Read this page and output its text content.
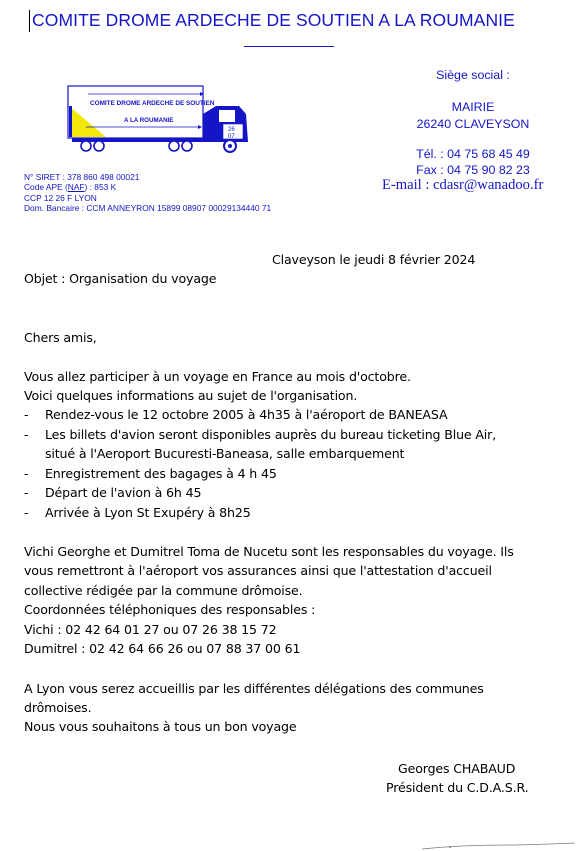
COMITE DROME ARDECHE DE SOUTIEN A LA ROUMANIE
COMITE DROME ARDECHE DE SOUTIEN
A LA ROUMANIE
26
07
N° SIRET : 378 860 498 00021
Code APE (NAF) : 853 K
CCP 12 26 F LYON
Dom. Bancaire : CCM ANNEYRON 15899 08907 00029134440 71
Siège social :
MAIRIE
26240 CLAVEYSON
Tél. : 04 75 68 45 49
Fax : 04 75 90 82 23
E-mail : cdasr@wanadoo.fr
Claveyson le jeudi 8 février 2024
Objet : Organisation du voyage
Chers amis,
Vous allez participer à un voyage en France au mois d'octobre.
Voici quelques informations au sujet de l'organisation.
- Rendez-vous le 12 octobre 2005 à 4h35 à l'aéroport de BANEASA
- Les billets d'avion seront disponibles auprès du bureau ticketing Blue Air,
situé à l'Aeroport Bucuresti-Baneasa, salle embarquement
- Enregistrement des bagages à 4 h 45
- Départ de l'avion à 6h 45
- Arrivée à Lyon St Exupéry à 8h25
Vichi Georghe et Dumitrel Toma de Nucetu sont les responsables du voyage. Ils
vous remettront à l'aéroport vos assurances ainsi que l'attestation d'accueil
collective rédigée par la commune drômoise.
Coordonnées téléphoniques des responsables :
Vichi : 02 42 64 01 27 ou 07 26 38 15 72
Dumitrel : 02 42 64 66 26 ou 07 88 37 00 61
A Lyon vous serez accueillis par les différentes délégations des communes
drômoises.
Nous vous souhaitons à tous un bon voyage
Georges CHABAUD
Président du C.D.A.S.R.
